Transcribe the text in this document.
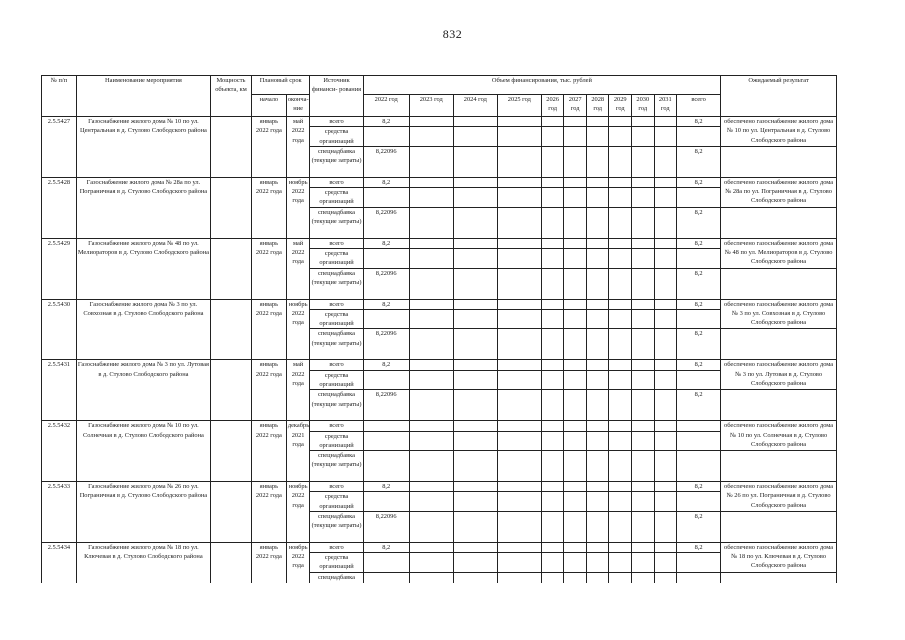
832
№ п/п	Наименование мероприятия	Мощность объекта, км	Плановый срок		Источник финанси- рования	Объем финансирования, тыс. рублей											Ожидаемый результат
			начало	оконча- ние		2022 год	2023 год	2024 год	2025 год	2026 год	2027 год	2028 год	2029 год	2030 год	2031 год	всего	
2.5.5427	Газоснабжение жилого дома № 10 по ул. Центральная в д. Стулово Слободского района		январь 2022 года	май 2022 года	всего	8,2										8,2	обеспечено газоснабжение жилого дома № 10 по ул. Центральная в д. Стулово Слободского района
					средства организаций												
					спецнадбавка (текущие затраты)	8,22096										8,2	
2.5.5428	Газоснабжение жилого дома № 28а по ул. Пограничная в д. Стулово Слободского района		январь 2022 года	ноябрь 2022 года	всего	8,2										8,2	обеспечено газоснабжение жилого дома № 28а по ул. Пограничная в д. Стулово Слободского района
					средства организаций												
					спецнадбавка (текущие затраты)	8,22096										8,2	
2.5.5429	Газоснабжение жилого дома № 48 по ул. Мелиораторов в д. Стулово Слободского района		январь 2022 года	май 2022 года	всего	8,2										8,2	обеспечено газоснабжение жилого дома № 48 по ул. Мелиораторов в д. Стулово Слободского района
					средства организаций												
					спецнадбавка (текущие затраты)	8,22096										8,2	
2.5.5430	Газоснабжение жилого дома № 3 по ул. Совхозная в д. Стулово Слободского района		январь 2022 года	ноябрь 2022 года	всего	8,2										8,2	обеспечено газоснабжение жилого дома № 3 по ул. Совхозная в д. Стулово Слободского района
					средства организаций												
					спецнадбавка (текущие затраты)	8,22096										8,2	
2.5.5431	Газоснабжение жилого дома № 3 по ул. Лутовая в д. Стулово Слободского района		январь 2022 года	май 2022 года	всего	8,2										8,2	обеспечено газоснабжение жилого дома № 3 по ул. Лутовая в д. Стулово Слободского района
					средства организаций												
					спецнадбавка (текущие затраты)	8,22096										8,2	
2.5.5432	Газоснабжение жилого дома № 10 по ул. Солнечная в д. Стулово Слободского района		январь 2022 года	декабрь 2021 года	всего												обеспечено газоснабжение жилого дома № 10 по ул. Солнечная в д. Стулово Слободского района
					средства организаций												
					спецнадбавка (текущие затраты)												
2.5.5433	Газоснабжение жилого дома № 26 по ул. Пограничная в д. Стулово Слободского района		январь 2022 года	ноябрь 2022 года	всего	8,2										8,2	обеспечено газоснабжение жилого дома № 26 по ул. Пограничная в д. Стулово Слободского района
					средства организаций												
					спецнадбавка (текущие затраты)	8,22096										8,2	
2.5.5434	Газоснабжение жилого дома № 18 по ул. Ключевая в д. Стулово Слободского района		январь 2022 года	ноябрь 2022 года	всего	8,2										8,2	обеспечено газоснабжение жилого дома № 18 по ул. Ключевая в д. Стулово Слободского района
					средства организаций												
					спецнадбавка												
